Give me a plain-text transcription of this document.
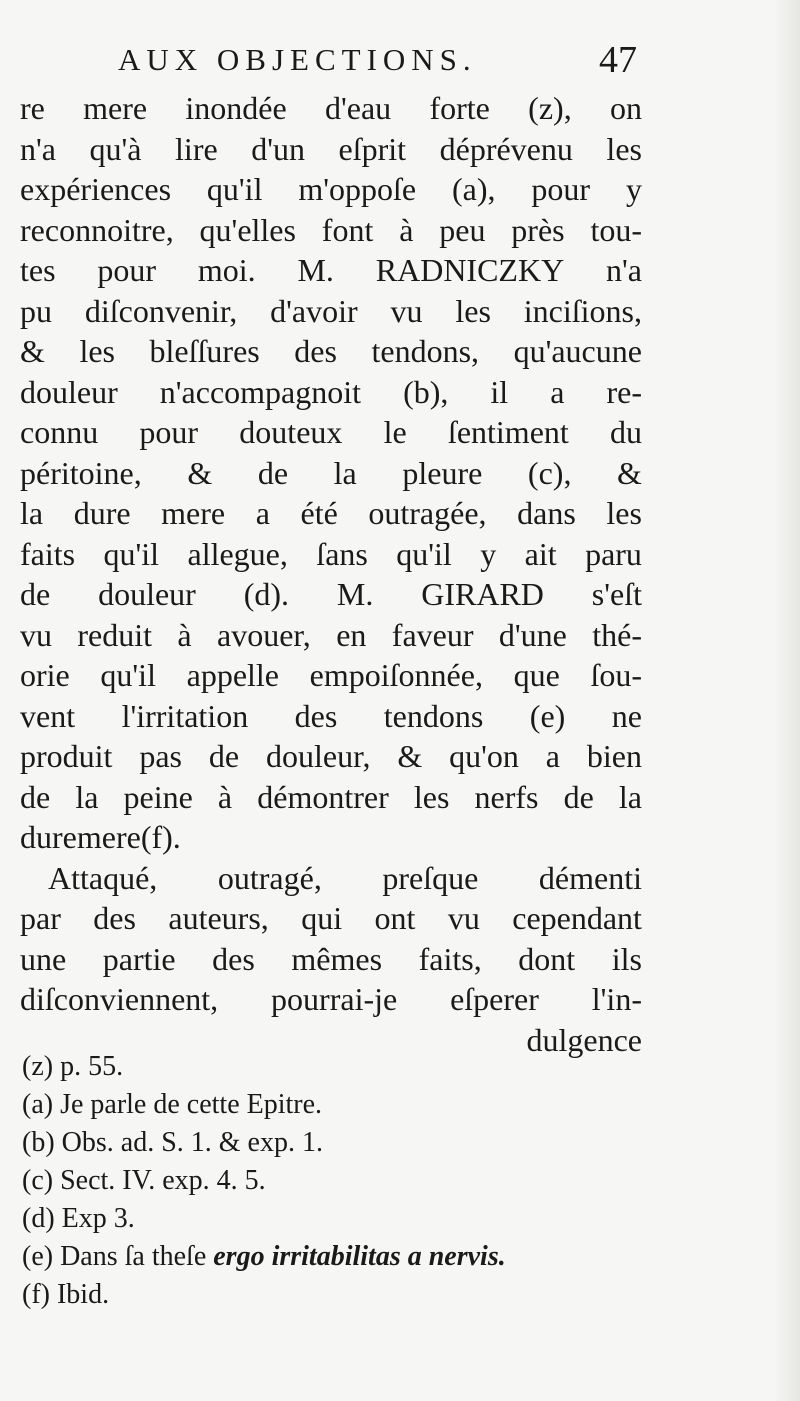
AUX OBJECTIONS.	47
re mere inondée d'eau forte (z), on
n'a qu'à lire d'un eſprit déprévenu les
expériences qu'il m'oppoſe (a), pour y
reconnoitre, qu'elles font à peu près tou-
tes pour moi. M. RADNICZKY n'a
pu diſconvenir, d'avoir vu les inciſions,
& les bleſſures des tendons, qu'aucune
douleur n'accompagnoit (b), il a re-
connu pour douteux le ſentiment du
péritoine, & de la pleure (c), &
la dure mere a été outragée, dans les
faits qu'il allegue, ſans qu'il y ait paru
de douleur (d). M. GIRARD s'eſt
vu reduit à avouer, en faveur d'une thé-
orie qu'il appelle empoiſonnée, que ſou-
vent l'irritation des tendons (e) ne
produit pas de douleur, & qu'on a bien
de la peine à démontrer les nerfs de la
dure mere (f).
Attaqué, outragé, preſque démenti
par des auteurs, qui ont vu cependant
une partie des mêmes faits, dont ils
diſconviennent, pourrai-je eſperer l'in-
dulgence
(z) p. 55.
(a) Je parle de cette Epitre.
(b) Obs. ad. S. 1. & exp. 1.
(c) Sect. IV. exp. 4. 5.
(d) Exp 3.
(e) Dans ſa theſe ergo irritabilitas a nervis.
(f) Ibid.
